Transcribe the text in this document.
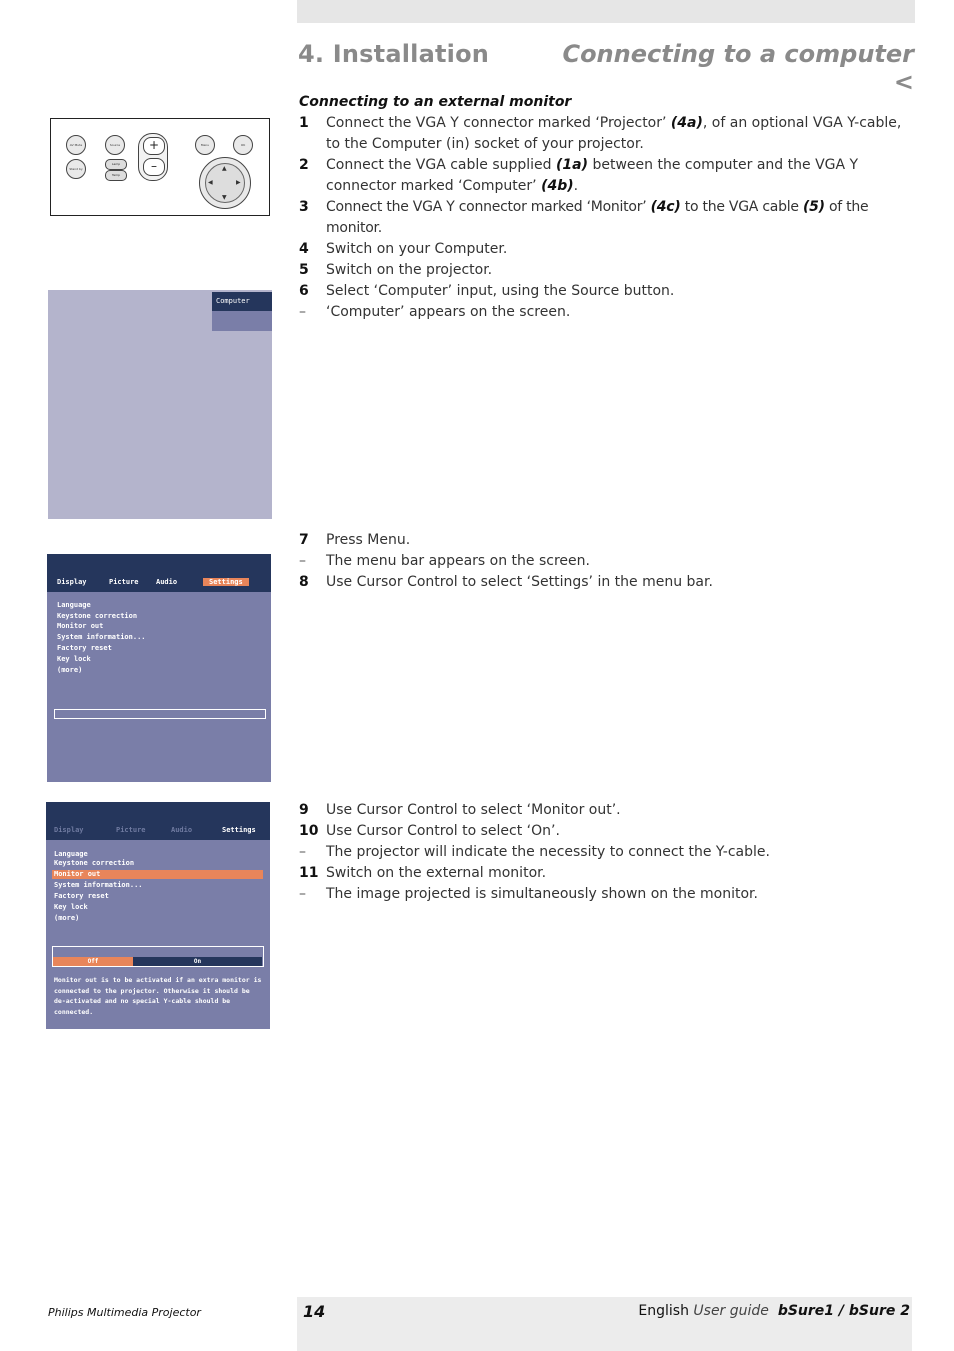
4. Installation	Connecting to a computer <
AV Mute
Stand by
Source
Lamp
Temp
+
–
Menu	OK
▲
▼
◀	▶
Connecting to an external monitor
1	Connect the VGA Y connector marked ‘Projector’ (4a), of an optional VGA Y-cable, to the Computer (in) socket of your projector.
2	Connect the VGA cable supplied (1a) between the computer and the VGA Y connector marked ‘Computer’ (4b).
3	Connect the VGA Y connector marked ‘Monitor’ (4c) to the VGA cable (5) of the monitor.
4	Switch on your Computer.
5	Switch on the projector.
6	Select ‘Computer’ input, using the Source button.
–	‘Computer’ appears on the screen.
Computer
7	Press Menu.
–	The menu bar appears on the screen.
8	Use Cursor Control to select ‘Settings’ in the menu bar.
Display	Picture Audio	Settings
Language
Keystone correction
Monitor out
System information...
Factory reset
Key lock
(more)
9	Use Cursor Control to select ‘Monitor out’.
10 Use Cursor Control to select ‘On’.
–	The projector will indicate the necessity to connect the Y-cable.
11 Switch on the external monitor.
–	The image projected is simultaneously shown on the monitor.
Display	Picture	Audio	Settings
Language
Keystone correction
Monitor out
System information...
Factory reset
Key lock
(more)
Off	On
Monitor out is to be activated if an extra monitor is connected to the projector. Otherwise it should be de-activated and no special Y-cable should be connected.
Philips Multimedia Projector	14	English User guide bSure1 / bSure 2
